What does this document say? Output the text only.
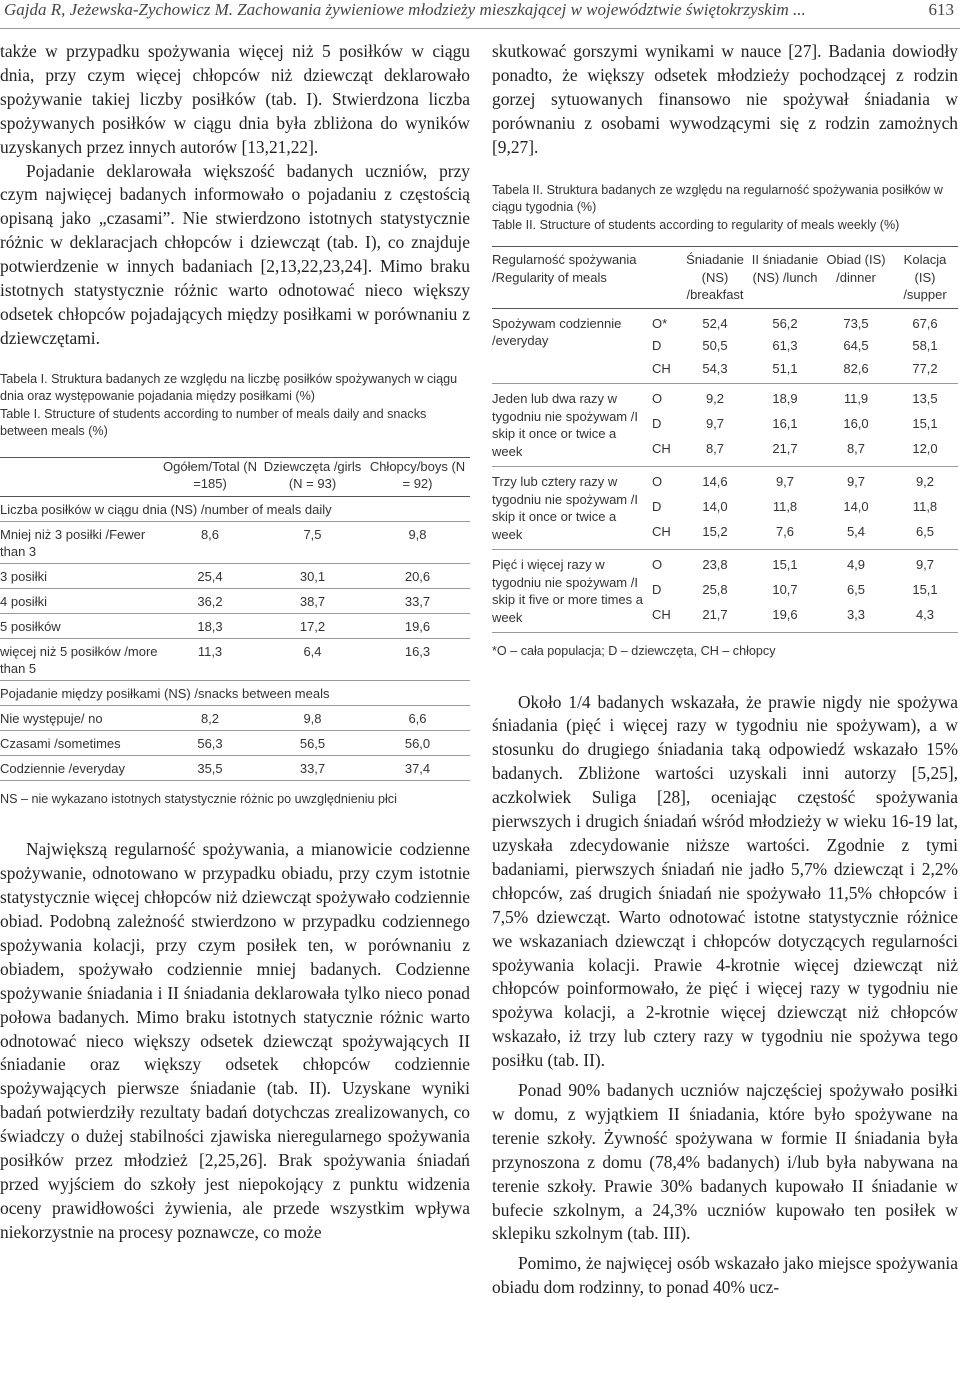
Gajda R, Jeżewska-Zychowicz M. Zachowania żywieniowe młodzieży mieszkającej w województwie świętokrzyskim ...	613

także w przypadku spożywania więcej niż 5 posiłków w ciągu dnia, przy czym więcej chłopców niż dziewcząt deklarowało spożywanie takiej liczby posiłków (tab. I). Stwierdzona liczba spożywanych posiłków w ciągu dnia była zbliżona do wyników uzyskanych przez innych autorów [13,21,22].

Pojadanie deklarowała większość badanych uczniów, przy czym najwięcej badanych informowało o pojadaniu z częstością opisaną jako „czasami”. Nie stwierdzono istotnych statystycznie różnic w deklaracjach chłopców i dziewcząt (tab. I), co znajduje potwierdzenie w innych badaniach [2,13,22,23,24]. Mimo braku istotnych statystycznie różnic warto odnotować nieco większy odsetek chłopców pojadających między posiłkami w porównaniu z dziewczętami.

Tabela I. Struktura badanych ze względu na liczbę posiłków spożywanych w ciągu dnia oraz występowanie pojadania między posiłkami (%)

Table I. Structure of students according to number of meals daily and snacks between meals (%)

	Ogółem/Total (N =185)	Dziewczęta /girls (N = 93)	Chłopcy/boys (N = 92)
Liczba posiłków w ciągu dnia (NS) /number of meals daily			
Mniej niż 3 posiłki /Fewer than 3	8,6	7,5	9,8
3 posiłki	25,4	30,1	20,6
4 posiłki	36,2	38,7	33,7
5 posiłków	18,3	17,2	19,6
więcej niż 5 posiłków /more than 5	11,3	6,4	16,3
Pojadanie między posiłkami (NS) /snacks between meals			
Nie występuje/ no	8,2	9,8	6,6
Czasami /sometimes	56,3	56,5	56,0
Codziennie /everyday	35,5	33,7	37,4

NS – nie wykazano istotnych statystycznie różnic po uwzględnieniu płci

Największą regularność spożywania, a mianowicie codzienne spożywanie, odnotowano w przypadku obiadu, przy czym istotnie statystycznie więcej chłopców niż dziewcząt spożywało codziennie obiad. Podobną zależność stwierdzono w przypadku codziennego spożywania kolacji, przy czym posiłek ten, w porównaniu z obiadem, spożywało codziennie mniej badanych. Codzienne spożywanie śniadania i II śniadania deklarowała tylko nieco ponad połowa badanych. Mimo braku istotnych statycznie różnic warto odnotować nieco większy odsetek dziewcząt spożywających II śniadanie oraz większy odsetek chłopców codziennie spożywających pierwsze śniadanie (tab. II). Uzyskane wyniki badań potwierdziły rezultaty badań dotychczas zrealizowanych, co świadczy o dużej stabilności zjawiska nieregularnego spożywania posiłków przez młodzież [2,25,26]. Brak spożywania śniadań przed wyjściem do szkoły jest niepokojący z punktu widzenia oceny prawidłowości żywienia, ale przede wszystkim wpływa niekorzystnie na procesy poznawcze, co może

skutkować gorszymi wynikami w nauce [27]. Badania dowiodły ponadto, że większy odsetek młodzieży pochodzącej z rodzin gorzej sytuowanych finansowo nie spożywał śniadania w porównaniu z osobami wywodzącymi się z rodzin zamożnych [9,27].

Tabela II. Struktura badanych ze względu na regularność spożywania posiłków w ciągu tygodnia (%)

Table II. Structure of students according to regularity of meals weekly (%)

Regularność spożywania /Regularity of meals		Śniadanie (NS) /breakfast	II śniadanie (NS) /lunch	Obiad (IS) /dinner	Kolacja (IS) /supper
Spożywam codziennie /everyday	O*	52,4	56,2	73,5	67,6
	D	50,5	61,3	64,5	58,1
	CH	54,3	51,1	82,6	77,2
Jeden lub dwa razy w tygodniu nie spożywam /I skip it once or twice a week	O	9,2	18,9	11,9	13,5
	D	9,7	16,1	16,0	15,1
	CH	8,7	21,7	8,7	12,0
Trzy lub cztery razy w tygodniu nie spożywam /I skip it once or twice a week	O	14,6	9,7	9,7	9,2
	D	14,0	11,8	14,0	11,8
	CH	15,2	7,6	5,4	6,5
Pięć i więcej razy w tygodniu nie spożywam /I skip it five or more times a week	O	23,8	15,1	4,9	9,7
	D	25,8	10,7	6,5	15,1
	CH	21,7	19,6	3,3	4,3

*O – cała populacja; D – dziewczęta, CH – chłopcy

Około 1/4 badanych wskazała, że prawie nigdy nie spożywa śniadania (pięć i więcej razy w tygodniu nie spożywam), a w stosunku do drugiego śniadania taką odpowiedź wskazało 15% badanych. Zbliżone wartości uzyskali inni autorzy [5,25], aczkolwiek Suliga [28], oceniając częstość spożywania pierwszych i drugich śniadań wśród młodzieży w wieku 16-19 lat, uzyskała zdecydowanie niższe wartości. Zgodnie z tymi badaniami, pierwszych śniadań nie jadło 5,7% dziewcząt i 2,2% chłopców, zaś drugich śniadań nie spożywało 11,5% chłopców i 7,5% dziewcząt. Warto odnotować istotne statystycznie różnice we wskazaniach dziewcząt i chłopców dotyczących regularności spożywania kolacji. Prawie 4-krotnie więcej dziewcząt niż chłopców poinformowało, że pięć i więcej razy w tygodniu nie spożywa kolacji, a 2-krotnie więcej dziewcząt niż chłopców wskazało, iż trzy lub cztery razy w tygodniu nie spożywa tego posiłku (tab. II).

Ponad 90% badanych uczniów najczęściej spożywało posiłki w domu, z wyjątkiem II śniadania, które było spożywane na terenie szkoły. Żywność spożywana w formie II śniadania była przynoszona z domu (78,4% badanych) i/lub była nabywana na terenie szkoły. Prawie 30% badanych kupowało II śniadanie w bufecie szkolnym, a 24,3% uczniów kupowało ten posiłek w sklepiku szkolnym (tab. III).

Pomimo, że najwięcej osób wskazało jako miejsce spożywania obiadu dom rodzinny, to ponad 40% ucz-
